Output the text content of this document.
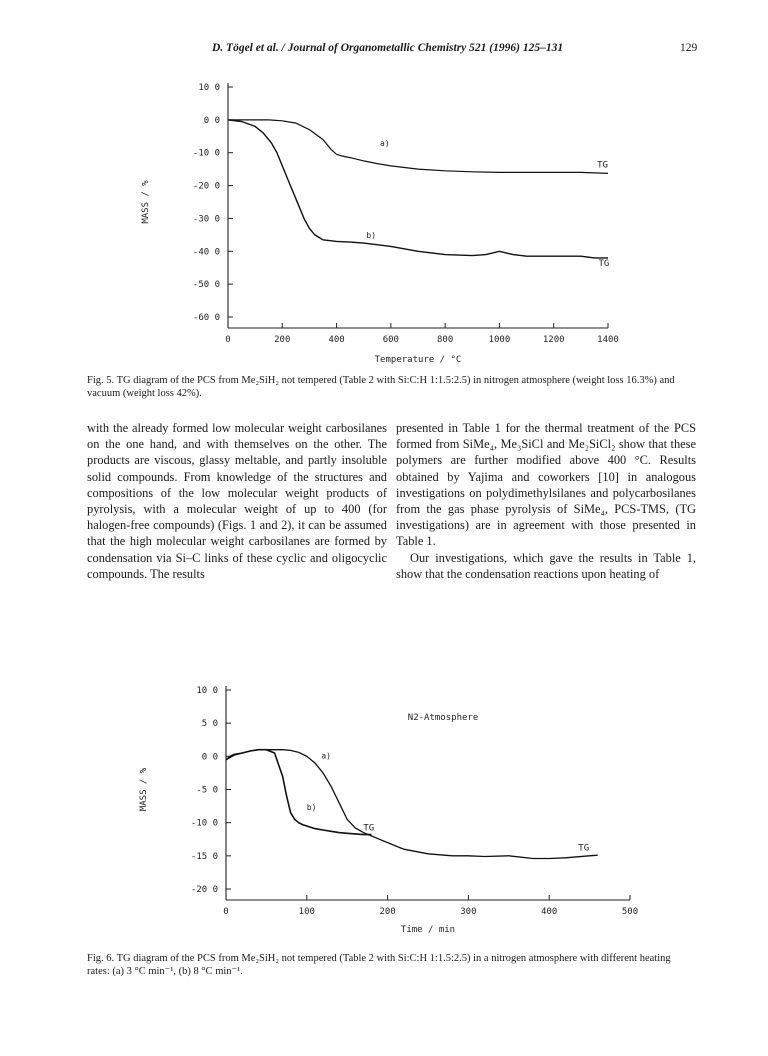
D. Tögel et al. / Journal of Organometallic Chemistry 521 (1996) 125–131	129
10 0
0 0
-10 0
-20 0
-30 0
-40 0
-50 0
-60 0
0	200	400	600	800	1000	1200	1400
MASS / %
Temperature / °C
a)
b)
TG
TG
Fig. 5. TG diagram of the PCS from Me₂SiH₂ not tempered (Table 2 with Si:C:H 1:1.5:2.5) in nitrogen atmosphere (weight loss 16.3%) and vacuum (weight loss 42%).

with the already formed low molecular weight carbosilanes on the one hand, and with themselves on the other. The products are viscous, glassy meltable, and partly insoluble solid compounds. From knowledge of the structures and compositions of the low molecular weight products of pyrolysis, with a molecular weight of up to 400 (for halogen-free compounds) (Figs. 1 and 2), it can be assumed that the high molecular weight carbosilanes are formed by condensation via Si–C links of these cyclic and oligocyclic compounds. The results

presented in Table 1 for the thermal treatment of the PCS formed from SiMe₄, Me₃SiCl and Me₂SiCl₂ show that these polymers are further modified above 400 °C. Results obtained by Yajima and coworkers [10] in analogous investigations on polydimethylsilanes and polycarbosilanes from the gas phase pyrolysis of SiMe₄, PCS-TMS, (TG investigations) are in agreement with those presented in Table 1.

Our investigations, which gave the results in Table 1, show that the condensation reactions upon heating of

10 0
5 0
0 0
-5 0
-10 0
-15 0
-20 0
0	100	200	300	400	500
MASS / %
Time / min
N2-Atmosphere
a)
b)
TG
TG
Fig. 6. TG diagram of the PCS from Me₂SiH₂ not tempered (Table 2 with Si:C:H 1:1.5:2.5) in a nitrogen atmosphere with different heating rates: (a) 3 °C min⁻¹, (b) 8 °C min⁻¹.
